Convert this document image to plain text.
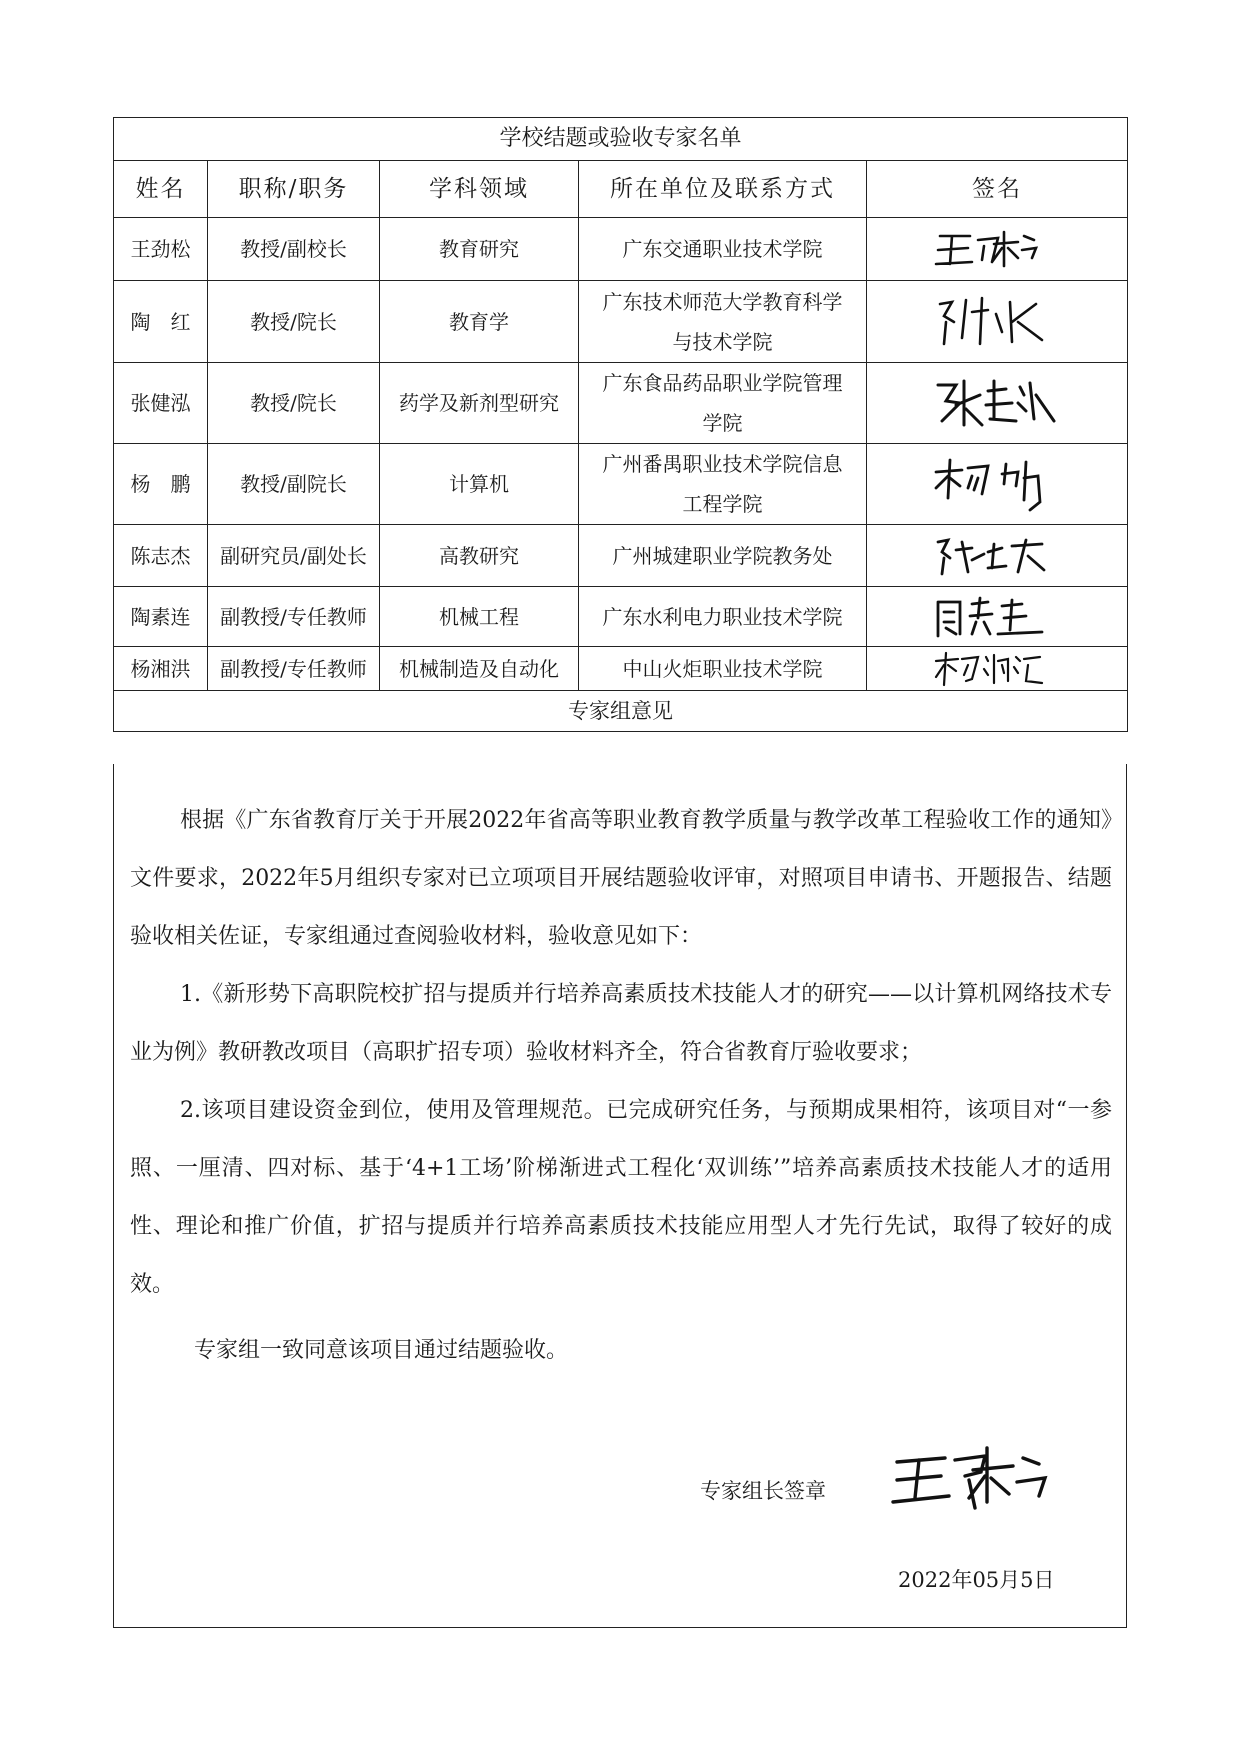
学校结题或验收专家名单				
姓名	职称/职务	学科领域	所在单位及联系方式	签名
王劲松	教授/副校长	教育研究	广东交通职业技术学院	

陶　红	教授/院长	教育学	广东技术师范大学教育科学
与技术学院	

张健泓	教授/院长	药学及新剂型研究	广东食品药品职业学院管理
学院	

杨　鹏	教授/副院长	计算机	广州番禺职业技术学院信息
工程学院	

陈志杰	副研究员/副处长	高教研究	广州城建职业学院教务处	

陶素连	副教授/专任教师	机械工程	广东水利电力职业技术学院	

杨湘洪	副教授/专任教师	机械制造及自动化	中山火炬职业技术学院	

专家组意见				

根据《广东省教育厅关于开展2022年省高等职业教育教学质量与教学改革工程验收工作的通知》文件要求，2022年5月组织专家对已立项项目开展结题验收评审，对照项目申请书、开题报告、结题验收相关佐证，专家组通过查阅验收材料，验收意见如下：

1.《新形势下高职院校扩招与提质并行培养高素质技术技能人才的研究——以计算机网络技术专业为例》教研教改项目（高职扩招专项）验收材料齐全，符合省教育厅验收要求；

2.该项目建设资金到位，使用及管理规范。已完成研究任务，与预期成果相符，该项目对“一参照、一厘清、四对标、基于‘4+1工场’阶梯渐进式工程化‘双训练’”培养高素质技术技能人才的适用性、理论和推广价值，扩招与提质并行培养高素质技术技能应用型人才先行先试，取得了较好的成效。

专家组一致同意该项目通过结题验收。

专家组长签章
2022年05月5日
